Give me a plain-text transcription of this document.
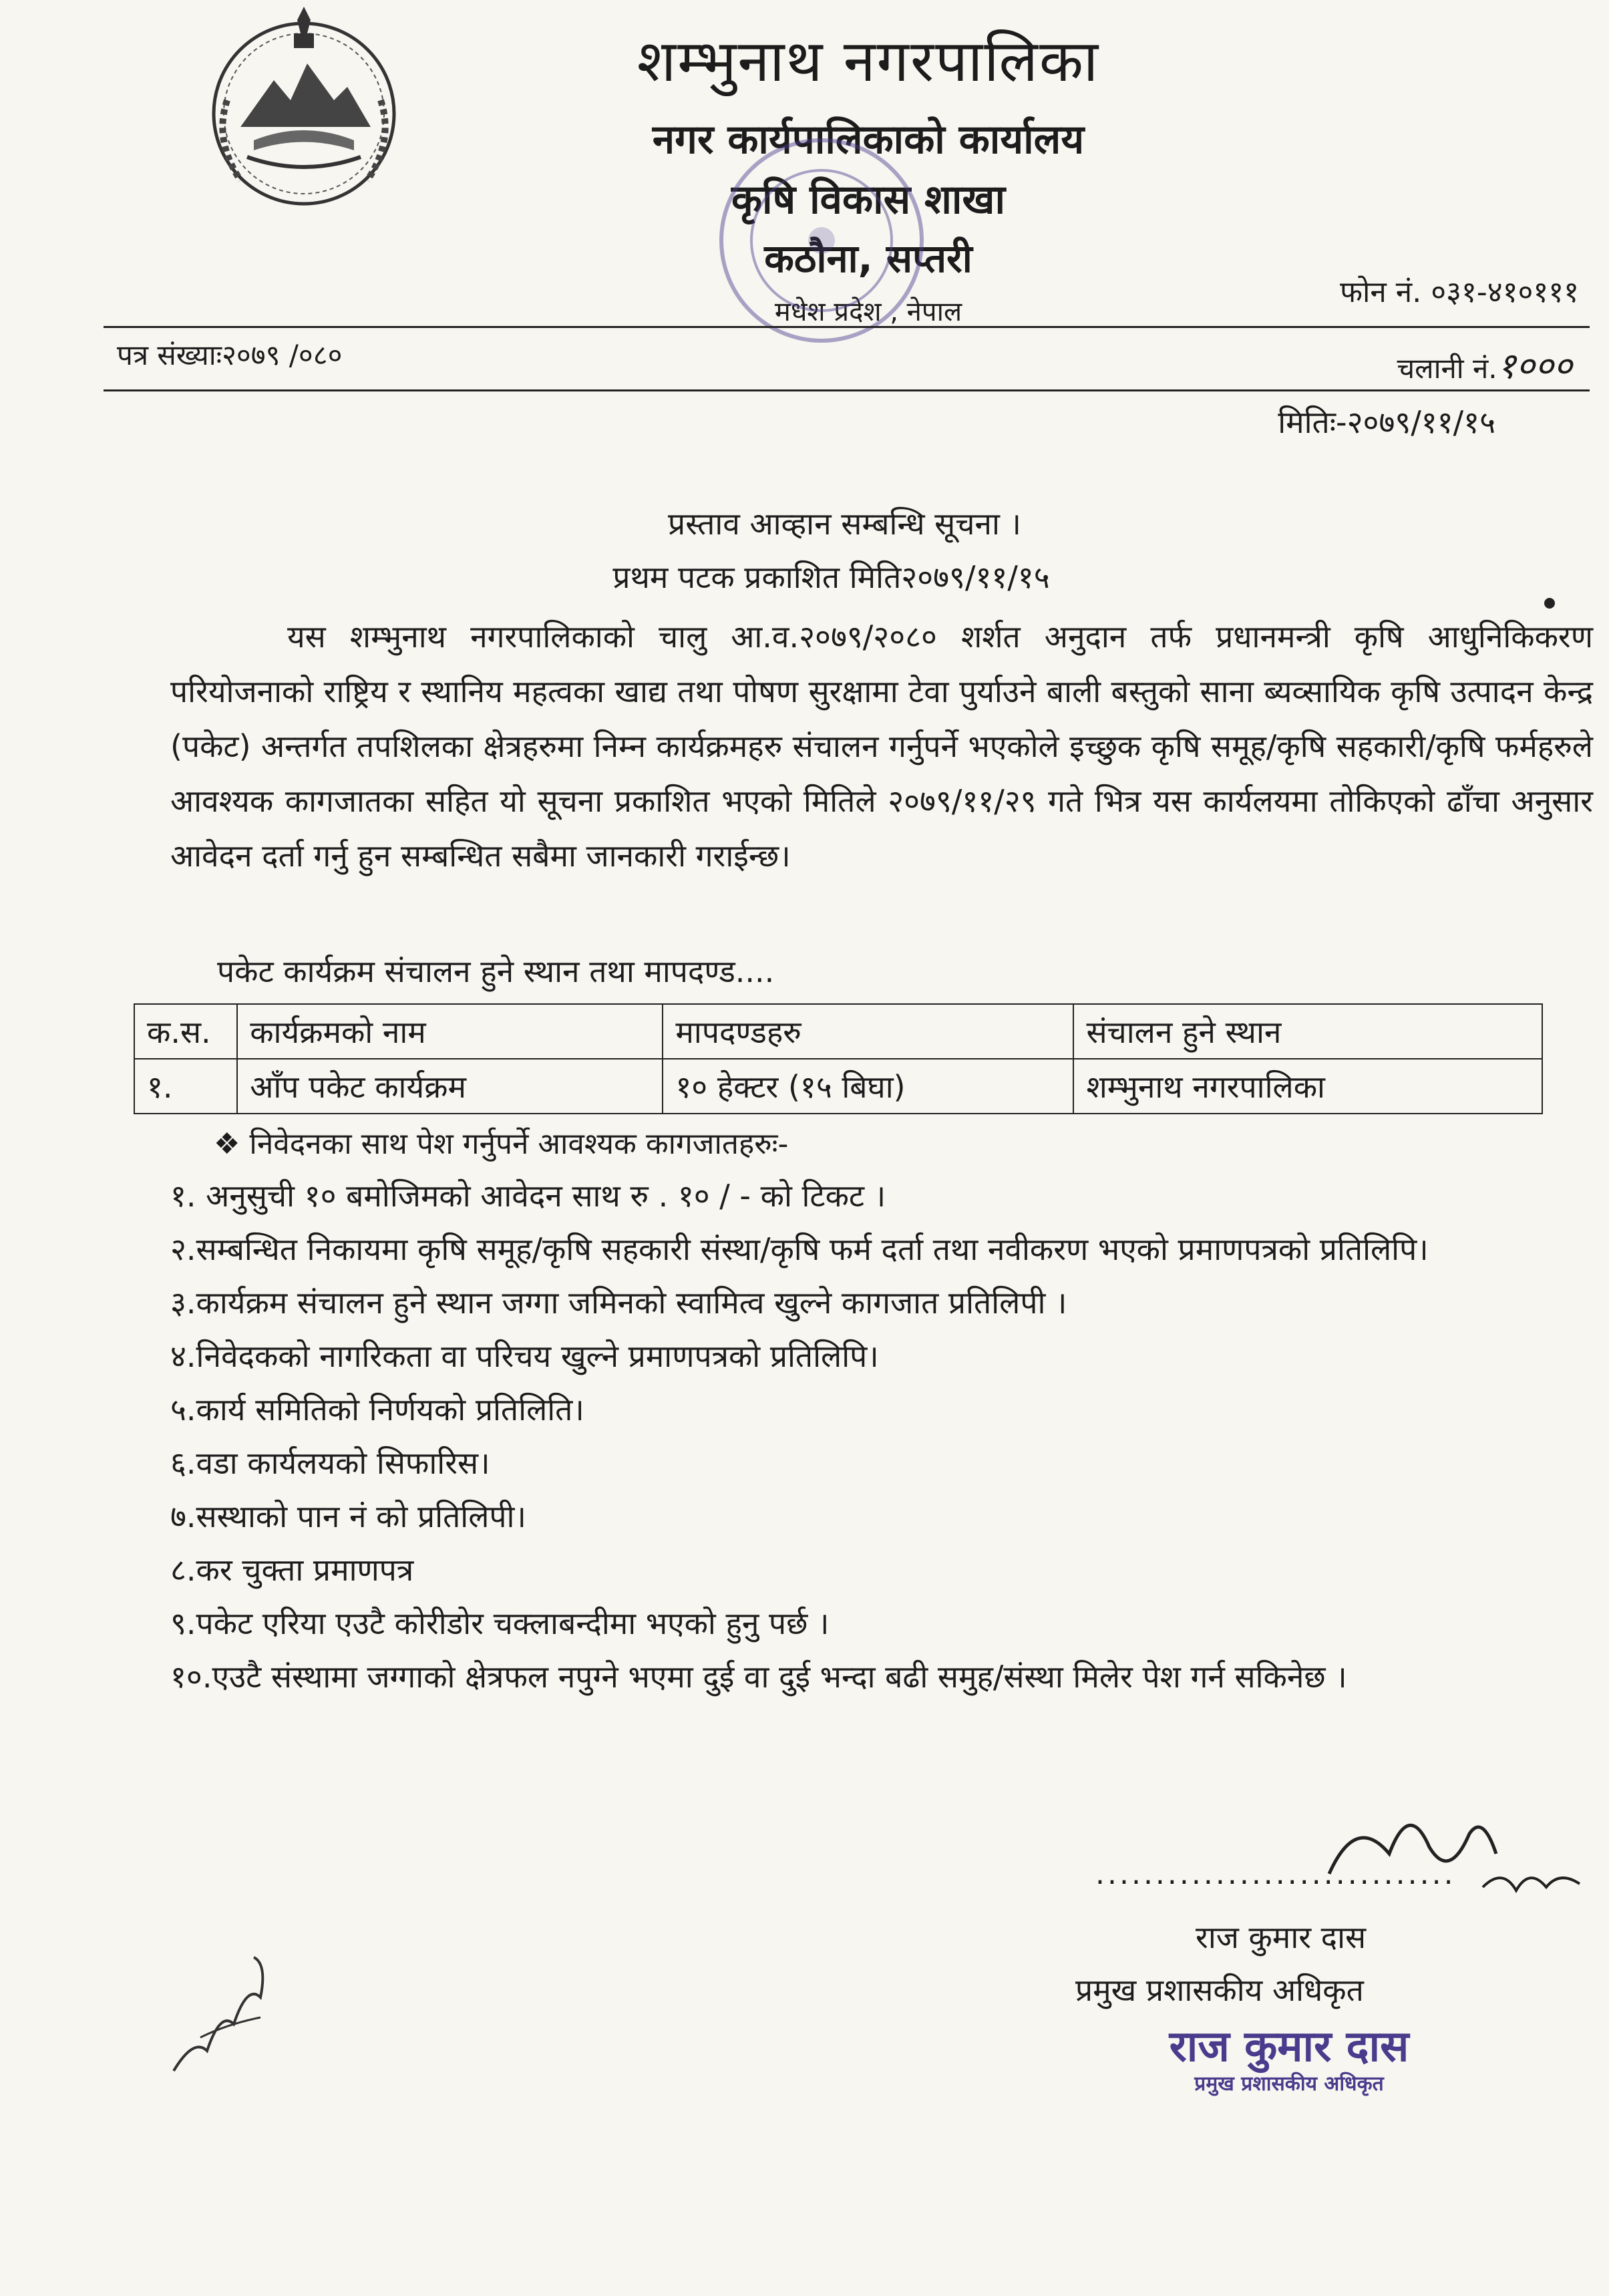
शम्भुनाथ नगरपालिका
नगर कार्यपालिकाको कार्यालय
कृषि विकास शाखा
कठौना, सप्तरी
मधेश प्रदेश , नेपाल
फोन नं. ०३१-४१०१११
पत्र संख्याः२०७९ /०८०	चलानी नं.१०००
मितिः-२०७९/११/१५
प्रस्ताव आव्हान सम्बन्धि सूचना ।
प्रथम पटक प्रकाशित मिति२०७९/११/१५
यस शम्भुनाथ नगरपालिकाको चालु आ.व.२०७९/२०८० शर्शत अनुदान तर्फ प्रधानमन्त्री कृषि आधुनिकिकरण परियोजनाको राष्ट्रिय र स्थानिय महत्वका खाद्य तथा पोषण सुरक्षामा टेवा पुर्याउने बाली बस्तुको साना ब्यव्सायिक कृषि उत्पादन केन्द्र (पकेट) अन्तर्गत तपशिलका क्षेत्रहरुमा निम्न कार्यक्रमहरु संचालन गर्नुपर्ने भएकोले इच्छुक कृषि समूह/कृषि सहकारी/कृषि फर्महरुले आवश्यक कागजातका सहित यो सूचना प्रकाशित भएको मितिले २०७९/११/२९ गते भित्र यस कार्यलयमा तोकिएको ढाँचा अनुसार आवेदन दर्ता गर्नु हुन सम्बन्धित सबैमा जानकारी गराईन्छ।
पकेट कार्यक्रम संचालन हुने स्थान तथा मापदण्ड....
क.स.	कार्यक्रमको नाम	मापदण्डहरु	संचालन हुने स्थान
१.	आँप पकेट कार्यक्रम	१० हेक्टर (१५ बिघा)	शम्भुनाथ नगरपालिका
❖ निवेदनका साथ पेश गर्नुपर्ने आवश्यक कागजातहरुः-
१. अनुसुची १० बमोजिमको आवेदन साथ रु . १० / - को टिकट ।
२.सम्बन्धित निकायमा कृषि समूह/कृषि सहकारी संस्था/कृषि फर्म दर्ता तथा नवीकरण भएको प्रमाणपत्रको प्रतिलिपि।
३.कार्यक्रम संचालन हुने स्थान जग्गा जमिनको स्वामित्व खुल्ने कागजात प्रतिलिपी ।
४.निवेदकको नागरिकता वा परिचय खुल्ने प्रमाणपत्रको प्रतिलिपि।
५.कार्य समितिको निर्णयको प्रतिलिति।
६.वडा कार्यलयको सिफारिस।
७.सस्थाको पान नं को प्रतिलिपी।
८.कर चुक्ता प्रमाणपत्र
९.पकेट एरिया एउटै कोरीडोर चक्लाबन्दीमा भएको हुनु पर्छ ।
१०.एउटै संस्थामा जग्गाको क्षेत्रफल नपुग्ने भएमा दुई वा दुई भन्दा बढी समुह/संस्था मिलेर पेश गर्न सकिनेछ ।
..............................
राज कुमार दास
प्रमुख प्रशासकीय अधिकृत
राज कुमार दास
प्रमुख प्रशासकीय अधिकृत
